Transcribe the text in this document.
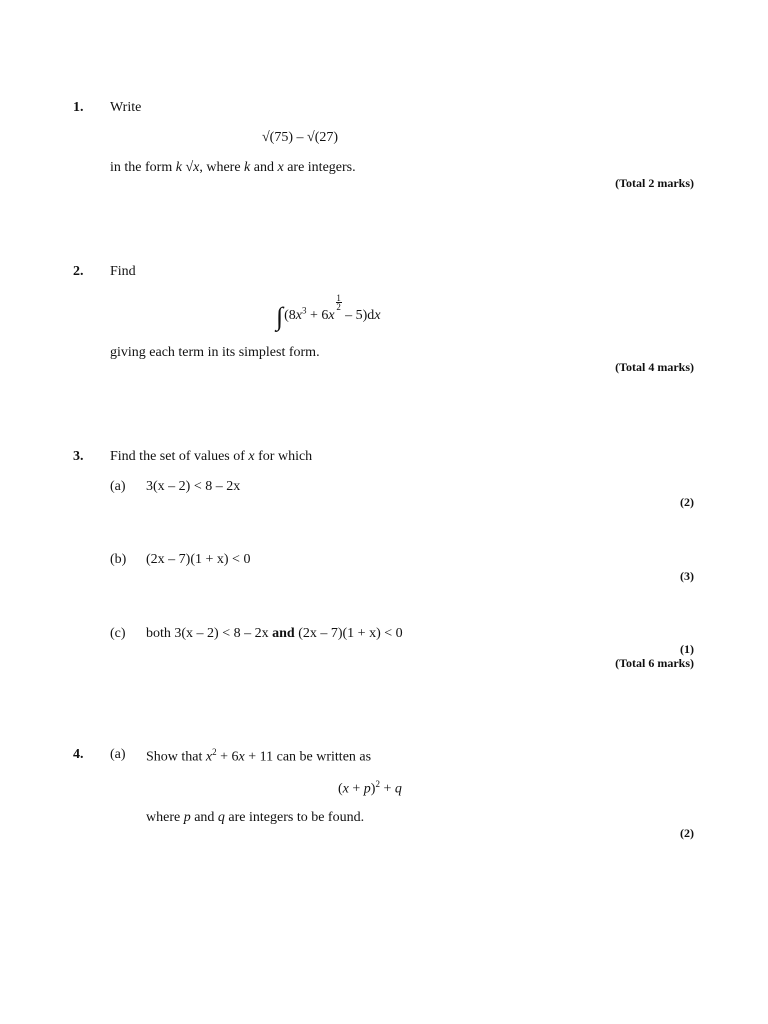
1. Write
√(75) – √(27)
in the form k √x, where k and x are integers.
(Total 2 marks)
2. Find
$\int(8x^3 + 6x$
$\frac{1}{2}$
– 5)dx
giving each term in its simplest form.
(Total 4 marks)
3. Find the set of values of x for which
(a) 3(x – 2) < 8 – 2x
(2)
(b) (2x – 7)(1 + x) < 0
(3)
(c) both 3(x – 2) < 8 – 2x and (2x – 7)(1 + x) < 0
(1)
(Total 6 marks)
4. (a) Show that $x^2 + 6x + 11$ can be written as
$(x + p)^2 + q$
where p and q are integers to be found.
(2)
